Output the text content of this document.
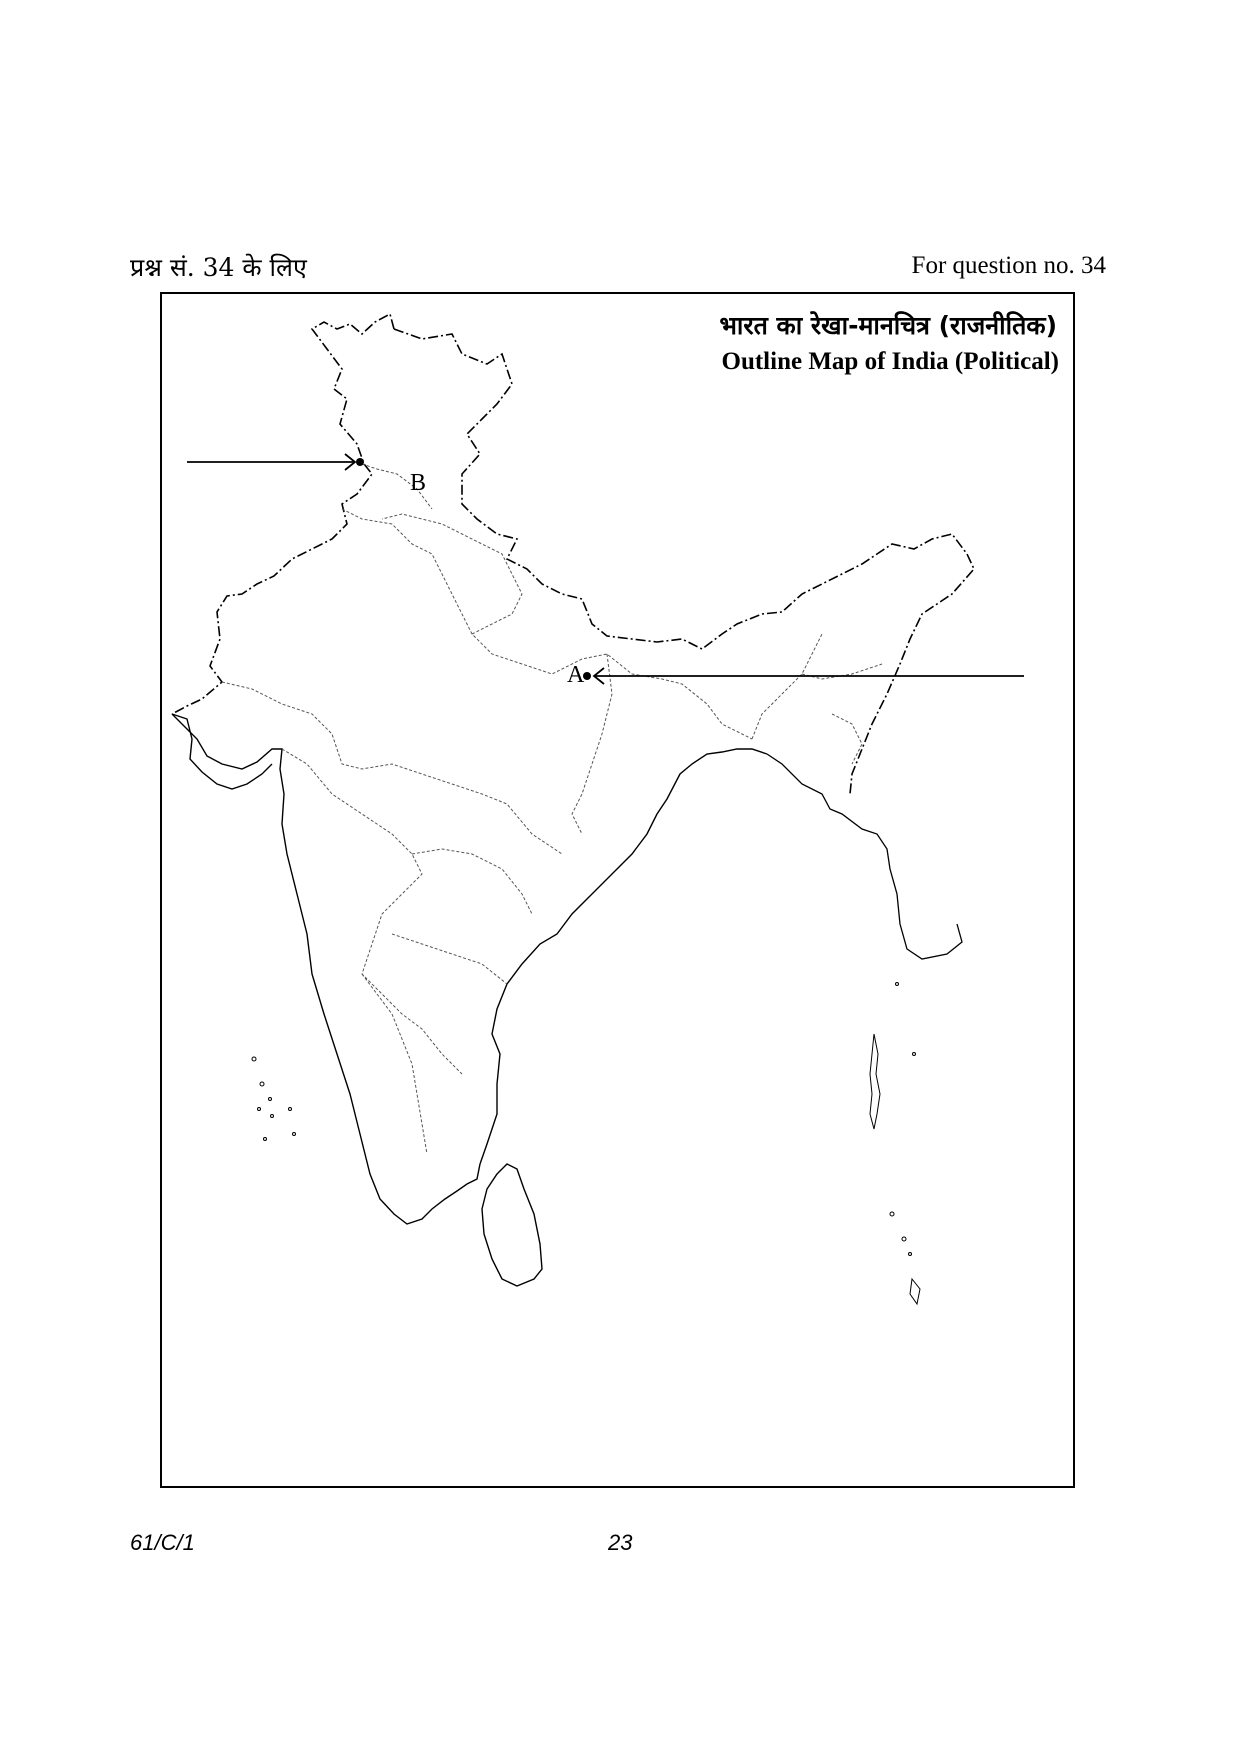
प्रश्न सं. 34 के लिए	For question no. 34
भारत का रेखा-मानचित्र (राजनीतिक)
Outline Map of India (Political)
A
B
61/C/1	23
